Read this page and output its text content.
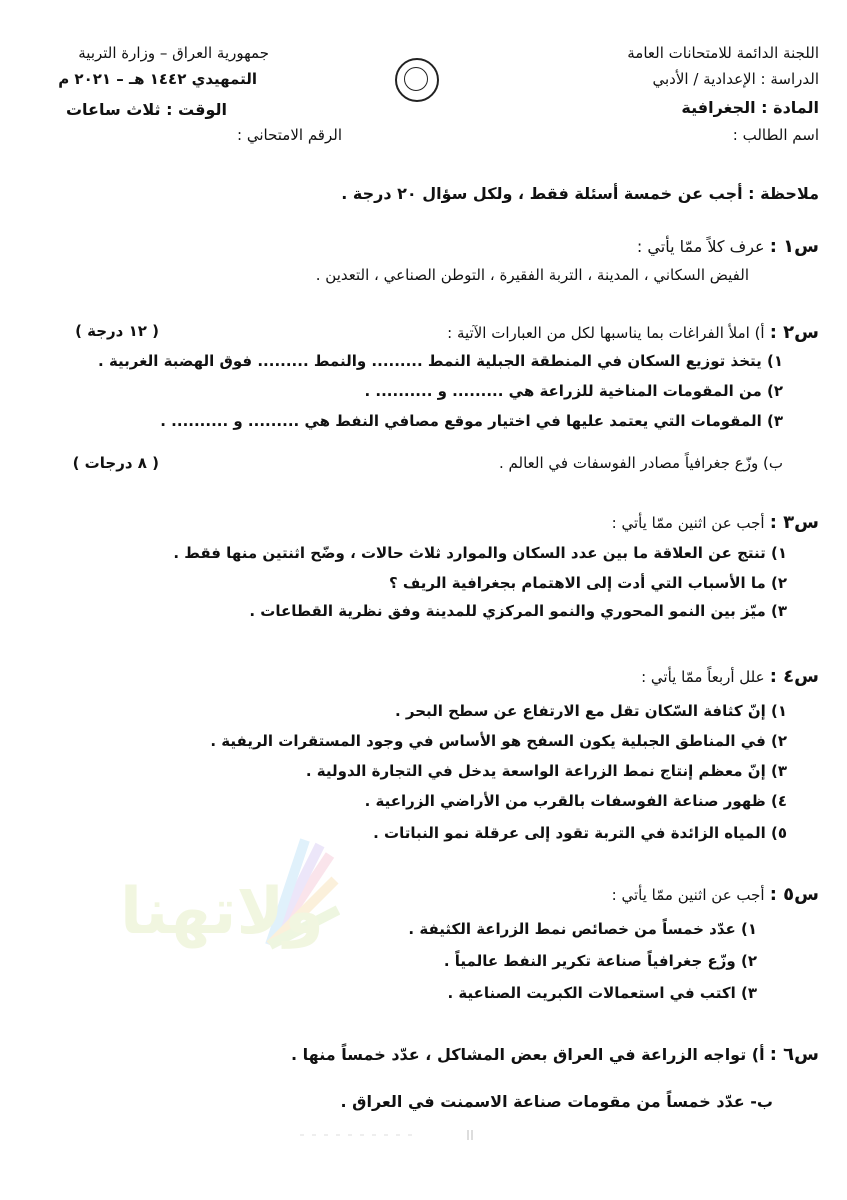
اللجنة الدائمة للامتحانات العامة
الدراسة : الإعدادية / الأدبي
المادة : الجغرافية
اسم الطالب :
جمهورية العراق – وزارة التربية
التمهيدي ١٤٤٢ هـ – ٢٠٢١ م
الوقت : ثلاث ساعات
الرقم الامتحاني :
ملاحظة : أجب عن خمسة أسئلة فقط ، ولكل سؤال ٢٠ درجة .
س١ : عرف كلاً ممّا يأتي :
الفيض السكاني ، المدينة ، التربة الفقيرة ، التوطن الصناعي ، التعدين .
س٢ : أ) املأ الفراغات بما يناسبها لكل من العبارات الآتية :
( ١٢ درجة )
١) يتخذ توزيع السكان في المنطقة الجبلية النمط ......... والنمط ......... فوق الهضبة الغربية .
٢) من المقومات المناخية للزراعة هي ......... و .......... .
٣) المقومات التي يعتمد عليها في اختيار موقع مصافي النفط هي ......... و .......... .
ب) وزّع جغرافياً مصادر الفوسفات في العالم .
( ٨ درجات )
س٣ : أجب عن اثنين ممّا يأتي :
١) تنتج عن العلاقة ما بين عدد السكان والموارد ثلاث حالات ، وضّح اثنتين منها فقط .
٢) ما الأسباب التي أدت إلى الاهتمام بجغرافية الريف ؟
٣) ميّز بين النمو المحوري والنمو المركزي للمدينة وفق نظرية القطاعات .
س٤ : علل أربعاً ممّا يأتي :
١) إنّ كثافة السّكان تقل مع الارتفاع عن سطح البحر .
٢) في المناطق الجبلية يكون السفح هو الأساس في وجود المستقرات الريفية .
٣) إنّ معظم إنتاج نمط الزراعة الواسعة يدخل في التجارة الدولية .
٤) ظهور صناعة الفوسفات بالقرب من الأراضي الزراعية .
٥) المياه الزائدة في التربة تقود إلى عرقلة نمو النباتات .
ولاتهنا	س٥ : أجب عن اثنين ممّا يأتي :
١) عدّد خمساً من خصائص نمط الزراعة الكثيفة .
٢) وزّع جغرافياً صناعة تكرير النفط عالمياً .
٣) اكتب في استعمالات الكبريت الصناعية .
س٦ : أ) تواجه الزراعة في العراق بعض المشاكل ، عدّد خمساً منها .
ب- عدّد خمساً من مقومات صناعة الاسمنت في العراق .
